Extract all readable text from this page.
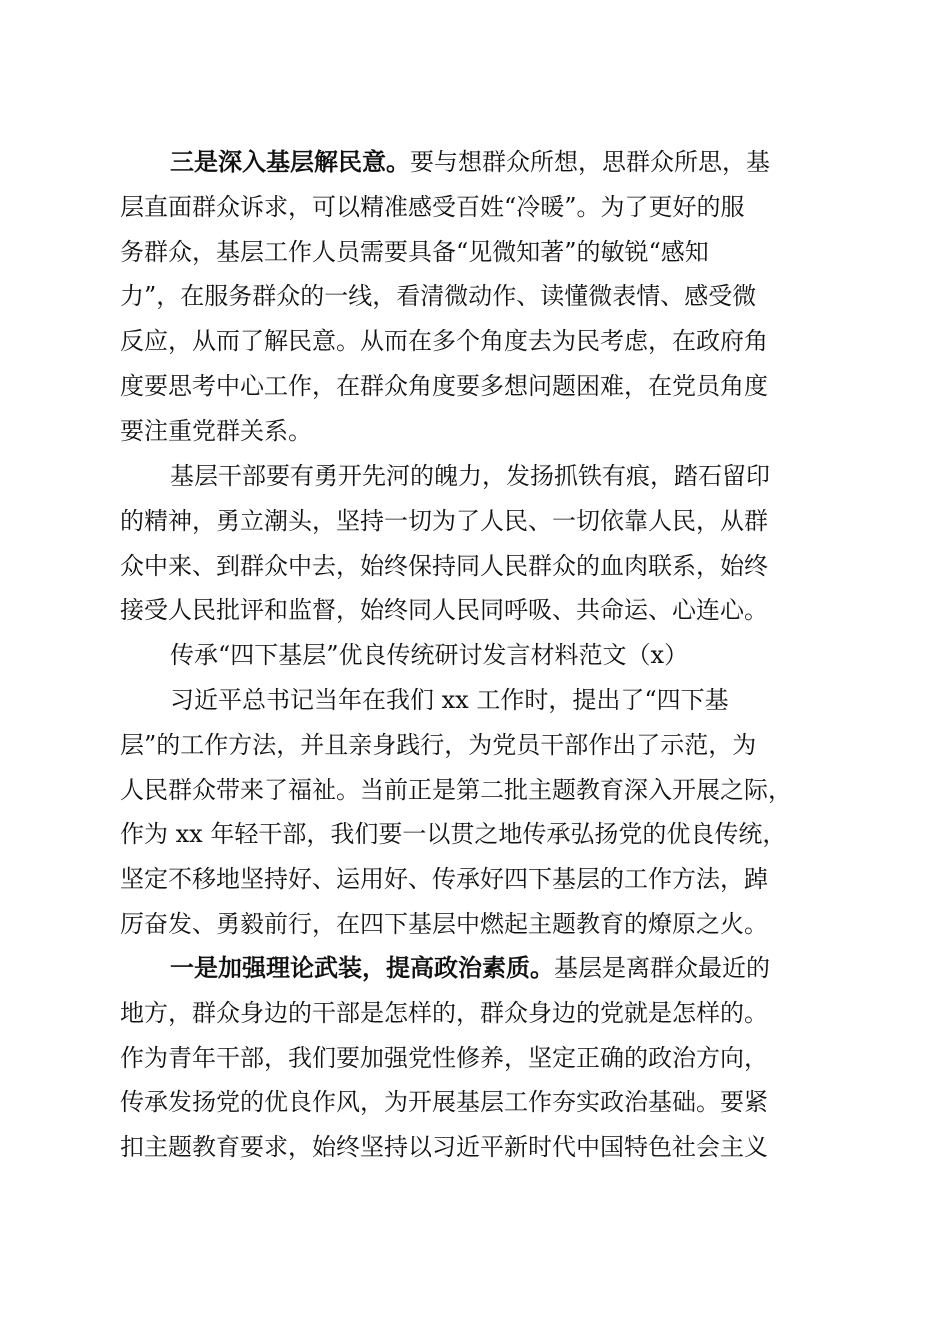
三是深入基层解民意。要与想群众所想，思群众所思，基
层直面群众诉求，可以精准感受百姓“冷暖”。为了更好的服
务群众，基层工作人员需要具备“见微知著”的敏锐“感知
力”，在服务群众的一线，看清微动作、读懂微表情、感受微
反应，从而了解民意。从而在多个角度去为民考虑，在政府角
度要思考中心工作，在群众角度要多想问题困难，在党员角度
要注重党群关系。
基层干部要有勇开先河的魄力，发扬抓铁有痕，踏石留印
的精神，勇立潮头，坚持一切为了人民、一切依靠人民，从群
众中来、到群众中去，始终保持同人民群众的血肉联系，始终
接受人民批评和监督，始终同人民同呼吸、共命运、心连心。
传承“四下基层”优良传统研讨发言材料范文（x）
习近平总书记当年在我们 xx 工作时，提出了“四下基
层”的工作方法，并且亲身践行，为党员干部作出了示范，为
人民群众带来了福祉。当前正是第二批主题教育深入开展之际，
作为 xx 年轻干部，我们要一以贯之地传承弘扬党的优良传统，
坚定不移地坚持好、运用好、传承好四下基层的工作方法，踔
厉奋发、勇毅前行，在四下基层中燃起主题教育的燎原之火。
一是加强理论武装，提高政治素质。基层是离群众最近的
地方，群众身边的干部是怎样的，群众身边的党就是怎样的。
作为青年干部，我们要加强党性修养，坚定正确的政治方向，
传承发扬党的优良作风，为开展基层工作夯实政治基础。要紧
扣主题教育要求，始终坚持以习近平新时代中国特色社会主义
